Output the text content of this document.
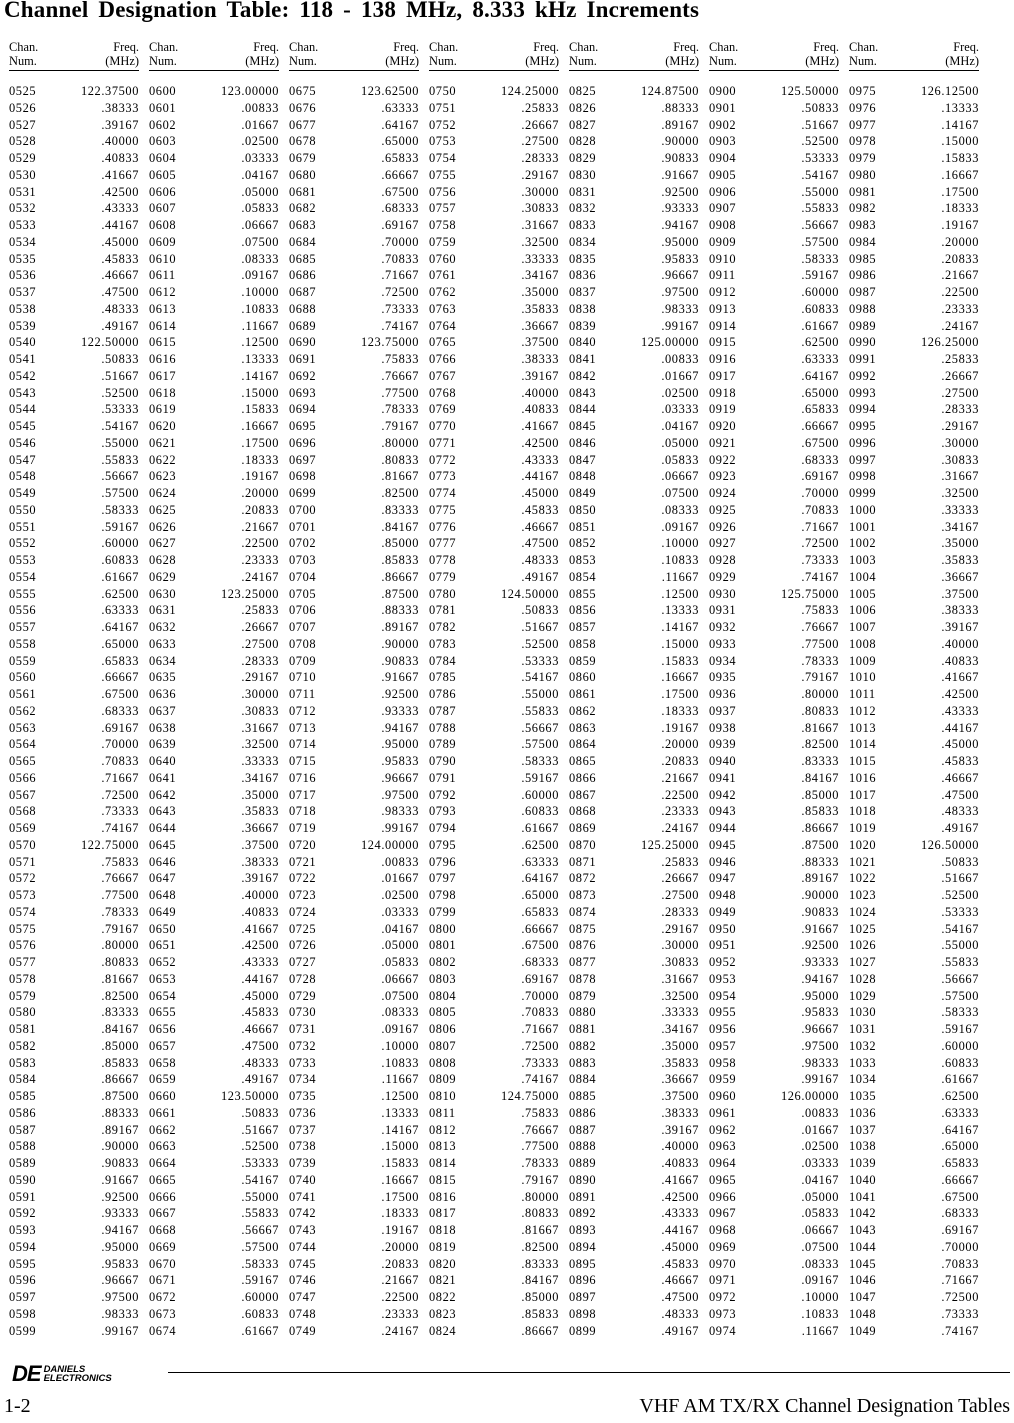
Channel Designation Table: 118 - 138 MHz, 8.333 kHz Increments
Chan.
Num.
Freq.
(MHz)
0525	122.37500
0526	.38333
0527	.39167
0528	.40000
0529	.40833
0530	.41667
0531	.42500
0532	.43333
0533	.44167
0534	.45000
0535	.45833
0536	.46667
0537	.47500
0538	.48333
0539	.49167
0540	122.50000
0541	.50833
0542	.51667
0543	.52500
0544	.53333
0545	.54167
0546	.55000
0547	.55833
0548	.56667
0549	.57500
0550	.58333
0551	.59167
0552	.60000
0553	.60833
0554	.61667
0555	.62500
0556	.63333
0557	.64167
0558	.65000
0559	.65833
0560	.66667
0561	.67500
0562	.68333
0563	.69167
0564	.70000
0565	.70833
0566	.71667
0567	.72500
0568	.73333
0569	.74167
0570	122.75000
0571	.75833
0572	.76667
0573	.77500
0574	.78333
0575	.79167
0576	.80000
0577	.80833
0578	.81667
0579	.82500
0580	.83333
0581	.84167
0582	.85000
0583	.85833
0584	.86667
0585	.87500
0586	.88333
0587	.89167
0588	.90000
0589	.90833
0590	.91667
0591	.92500
0592	.93333
0593	.94167
0594	.95000
0595	.95833
0596	.96667
0597	.97500
0598	.98333
0599	.99167
Chan.
Num.
Freq.
(MHz)
0600	123.00000
0601	.00833
0602	.01667
0603	.02500
0604	.03333
0605	.04167
0606	.05000
0607	.05833
0608	.06667
0609	.07500
0610	.08333
0611	.09167
0612	.10000
0613	.10833
0614	.11667
0615	.12500
0616	.13333
0617	.14167
0618	.15000
0619	.15833
0620	.16667
0621	.17500
0622	.18333
0623	.19167
0624	.20000
0625	.20833
0626	.21667
0627	.22500
0628	.23333
0629	.24167
0630	123.25000
0631	.25833
0632	.26667
0633	.27500
0634	.28333
0635	.29167
0636	.30000
0637	.30833
0638	.31667
0639	.32500
0640	.33333
0641	.34167
0642	.35000
0643	.35833
0644	.36667
0645	.37500
0646	.38333
0647	.39167
0648	.40000
0649	.40833
0650	.41667
0651	.42500
0652	.43333
0653	.44167
0654	.45000
0655	.45833
0656	.46667
0657	.47500
0658	.48333
0659	.49167
0660	123.50000
0661	.50833
0662	.51667
0663	.52500
0664	.53333
0665	.54167
0666	.55000
0667	.55833
0668	.56667
0669	.57500
0670	.58333
0671	.59167
0672	.60000
0673	.60833
0674	.61667
Chan.
Num.
Freq.
(MHz)
0675	123.62500
0676	.63333
0677	.64167
0678	.65000
0679	.65833
0680	.66667
0681	.67500
0682	.68333
0683	.69167
0684	.70000
0685	.70833
0686	.71667
0687	.72500
0688	.73333
0689	.74167
0690	123.75000
0691	.75833
0692	.76667
0693	.77500
0694	.78333
0695	.79167
0696	.80000
0697	.80833
0698	.81667
0699	.82500
0700	.83333
0701	.84167
0702	.85000
0703	.85833
0704	.86667
0705	.87500
0706	.88333
0707	.89167
0708	.90000
0709	.90833
0710	.91667
0711	.92500
0712	.93333
0713	.94167
0714	.95000
0715	.95833
0716	.96667
0717	.97500
0718	.98333
0719	.99167
0720	124.00000
0721	.00833
0722	.01667
0723	.02500
0724	.03333
0725	.04167
0726	.05000
0727	.05833
0728	.06667
0729	.07500
0730	.08333
0731	.09167
0732	.10000
0733	.10833
0734	.11667
0735	.12500
0736	.13333
0737	.14167
0738	.15000
0739	.15833
0740	.16667
0741	.17500
0742	.18333
0743	.19167
0744	.20000
0745	.20833
0746	.21667
0747	.22500
0748	.23333
0749	.24167
Chan.
Num.
Freq.
(MHz)
0750	124.25000
0751	.25833
0752	.26667
0753	.27500
0754	.28333
0755	.29167
0756	.30000
0757	.30833
0758	.31667
0759	.32500
0760	.33333
0761	.34167
0762	.35000
0763	.35833
0764	.36667
0765	.37500
0766	.38333
0767	.39167
0768	.40000
0769	.40833
0770	.41667
0771	.42500
0772	.43333
0773	.44167
0774	.45000
0775	.45833
0776	.46667
0777	.47500
0778	.48333
0779	.49167
0780	124.50000
0781	.50833
0782	.51667
0783	.52500
0784	.53333
0785	.54167
0786	.55000
0787	.55833
0788	.56667
0789	.57500
0790	.58333
0791	.59167
0792	.60000
0793	.60833
0794	.61667
0795	.62500
0796	.63333
0797	.64167
0798	.65000
0799	.65833
0800	.66667
0801	.67500
0802	.68333
0803	.69167
0804	.70000
0805	.70833
0806	.71667
0807	.72500
0808	.73333
0809	.74167
0810	124.75000
0811	.75833
0812	.76667
0813	.77500
0814	.78333
0815	.79167
0816	.80000
0817	.80833
0818	.81667
0819	.82500
0820	.83333
0821	.84167
0822	.85000
0823	.85833
0824	.86667
Chan.
Num.
Freq.
(MHz)
0825	124.87500
0826	.88333
0827	.89167
0828	.90000
0829	.90833
0830	.91667
0831	.92500
0832	.93333
0833	.94167
0834	.95000
0835	.95833
0836	.96667
0837	.97500
0838	.98333
0839	.99167
0840	125.00000
0841	.00833
0842	.01667
0843	.02500
0844	.03333
0845	.04167
0846	.05000
0847	.05833
0848	.06667
0849	.07500
0850	.08333
0851	.09167
0852	.10000
0853	.10833
0854	.11667
0855	.12500
0856	.13333
0857	.14167
0858	.15000
0859	.15833
0860	.16667
0861	.17500
0862	.18333
0863	.19167
0864	.20000
0865	.20833
0866	.21667
0867	.22500
0868	.23333
0869	.24167
0870	125.25000
0871	.25833
0872	.26667
0873	.27500
0874	.28333
0875	.29167
0876	.30000
0877	.30833
0878	.31667
0879	.32500
0880	.33333
0881	.34167
0882	.35000
0883	.35833
0884	.36667
0885	.37500
0886	.38333
0887	.39167
0888	.40000
0889	.40833
0890	.41667
0891	.42500
0892	.43333
0893	.44167
0894	.45000
0895	.45833
0896	.46667
0897	.47500
0898	.48333
0899	.49167
Chan.
Num.
Freq.
(MHz)
0900	125.50000
0901	.50833
0902	.51667
0903	.52500
0904	.53333
0905	.54167
0906	.55000
0907	.55833
0908	.56667
0909	.57500
0910	.58333
0911	.59167
0912	.60000
0913	.60833
0914	.61667
0915	.62500
0916	.63333
0917	.64167
0918	.65000
0919	.65833
0920	.66667
0921	.67500
0922	.68333
0923	.69167
0924	.70000
0925	.70833
0926	.71667
0927	.72500
0928	.73333
0929	.74167
0930	125.75000
0931	.75833
0932	.76667
0933	.77500
0934	.78333
0935	.79167
0936	.80000
0937	.80833
0938	.81667
0939	.82500
0940	.83333
0941	.84167
0942	.85000
0943	.85833
0944	.86667
0945	.87500
0946	.88333
0947	.89167
0948	.90000
0949	.90833
0950	.91667
0951	.92500
0952	.93333
0953	.94167
0954	.95000
0955	.95833
0956	.96667
0957	.97500
0958	.98333
0959	.99167
0960	126.00000
0961	.00833
0962	.01667
0963	.02500
0964	.03333
0965	.04167
0966	.05000
0967	.05833
0968	.06667
0969	.07500
0970	.08333
0971	.09167
0972	.10000
0973	.10833
0974	.11667
Chan.
Num.
Freq.
(MHz)
0975	126.12500
0976	.13333
0977	.14167
0978	.15000
0979	.15833
0980	.16667
0981	.17500
0982	.18333
0983	.19167
0984	.20000
0985	.20833
0986	.21667
0987	.22500
0988	.23333
0989	.24167
0990	126.25000
0991	.25833
0992	.26667
0993	.27500
0994	.28333
0995	.29167
0996	.30000
0997	.30833
0998	.31667
0999	.32500
1000	.33333
1001	.34167
1002	.35000
1003	.35833
1004	.36667
1005	.37500
1006	.38333
1007	.39167
1008	.40000
1009	.40833
1010	.41667
1011	.42500
1012	.43333
1013	.44167
1014	.45000
1015	.45833
1016	.46667
1017	.47500
1018	.48333
1019	.49167
1020	126.50000
1021	.50833
1022	.51667
1023	.52500
1024	.53333
1025	.54167
1026	.55000
1027	.55833
1028	.56667
1029	.57500
1030	.58333
1031	.59167
1032	.60000
1033	.60833
1034	.61667
1035	.62500
1036	.63333
1037	.64167
1038	.65000
1039	.65833
1040	.66667
1041	.67500
1042	.68333
1043	.69167
1044	.70000
1045	.70833
1046	.71667
1047	.72500
1048	.73333
1049	.74167
DE DANIELS
ELECTRONICS
1-2	VHF AM TX/RX Channel Designation Tables
